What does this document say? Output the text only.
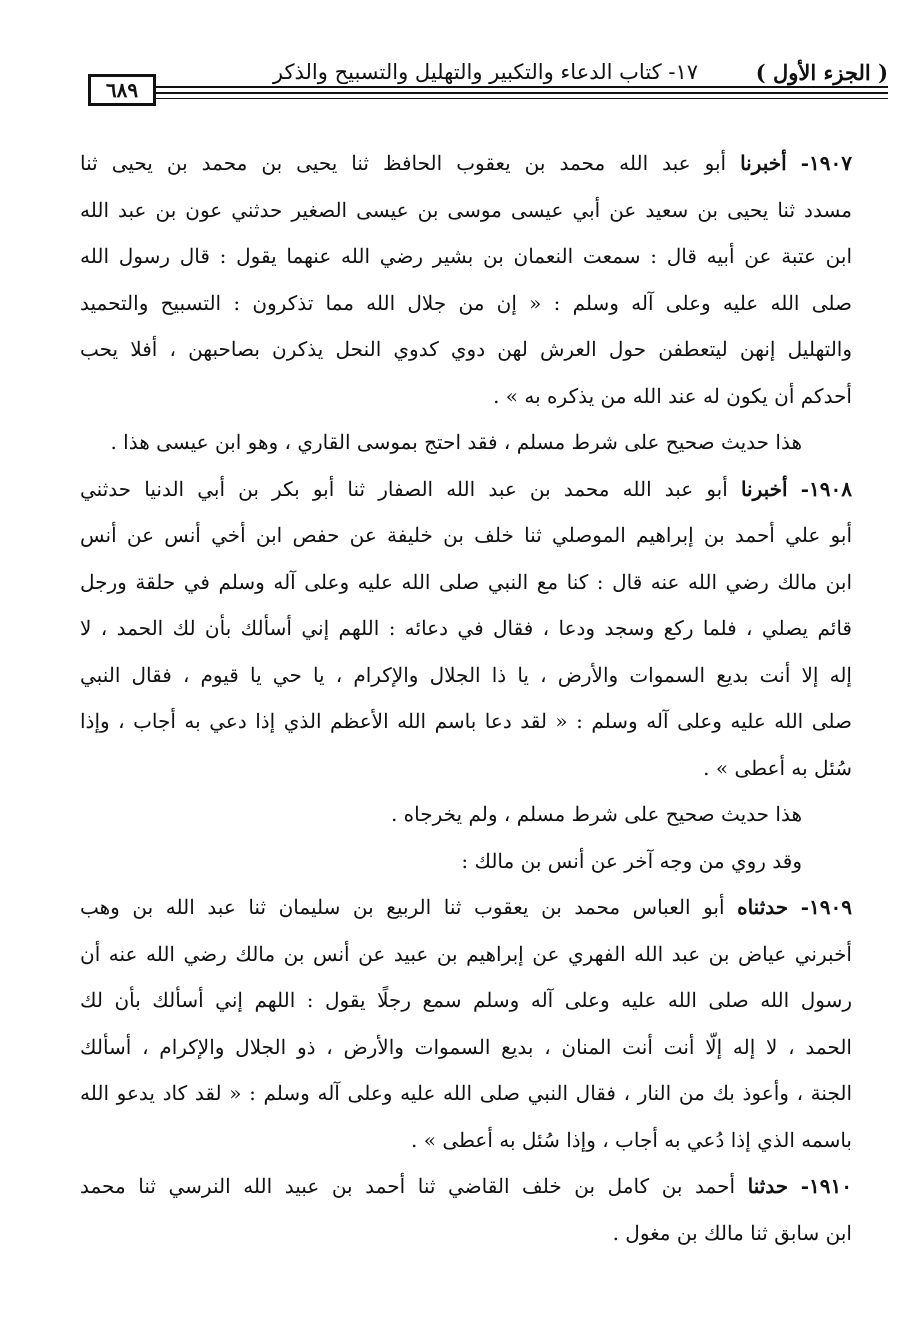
( الجزء الأول )
١٧- كتاب الدعاء والتكبير والتهليل والتسبيح والذكر
٦٨٩

١٩٠٧- أخبرنا أبو عبد الله محمد بن يعقوب الحافظ ثنا يحيى بن محمد بن يحيى ثنا

مسدد ثنا يحيى بن سعيد عن أبي عيسى موسى بن عيسى الصغير حدثني عون بن عبد الله

ابن عتبة عن أبيه قال : سمعت النعمان بن بشير رضي الله عنهما يقول : قال رسول الله

صلى الله عليه وعلى آله وسلم : « إن من جلال الله مما تذكرون : التسبيح والتحميد

والتهليل إنهن ليتعطفن حول العرش لهن دوي كدوي النحل يذكرن بصاحبهن ، أفلا يحب

أحدكم أن يكون له عند الله من يذكره به » .

هذا حديث صحيح على شرط مسلم ، فقد احتج بموسى القاري ، وهو ابن عيسى هذا .

١٩٠٨- أخبرنا أبو عبد الله محمد بن عبد الله الصفار ثنا أبو بكر بن أبي الدنيا حدثني

أبو علي أحمد بن إبراهيم الموصلي ثنا خلف بن خليفة عن حفص ابن أخي أنس عن أنس

ابن مالك رضي الله عنه قال : كنا مع النبي صلى الله عليه وعلى آله وسلم في حلقة ورجل

قائم يصلي ، فلما ركع وسجد ودعا ، فقال في دعائه : اللهم إني أسألك بأن لك الحمد ، لا

إله إلا أنت بديع السموات والأرض ، يا ذا الجلال والإكرام ، يا حي يا قيوم ، فقال النبي

صلى الله عليه وعلى آله وسلم : « لقد دعا باسم الله الأعظم الذي إذا دعي به أجاب ، وإذا

سُئل به أعطى » .

هذا حديث صحيح على شرط مسلم ، ولم يخرجاه .

وقد روي من وجه آخر عن أنس بن مالك :

١٩٠٩- حدثناه أبو العباس محمد بن يعقوب ثنا الربيع بن سليمان ثنا عبد الله بن وهب

أخبرني عياض بن عبد الله الفهري عن إبراهيم بن عبيد عن أنس بن مالك رضي الله عنه أن

رسول الله صلى الله عليه وعلى آله وسلم سمع رجلًا يقول : اللهم إني أسألك بأن لك

الحمد ، لا إله إلّا أنت أنت المنان ، بديع السموات والأرض ، ذو الجلال والإكرام ، أسألك

الجنة ، وأعوذ بك من النار ، فقال النبي صلى الله عليه وعلى آله وسلم : « لقد كاد يدعو الله

باسمه الذي إذا دُعي به أجاب ، وإذا سُئل به أعطى » .

١٩١٠- حدثنا أحمد بن كامل بن خلف القاضي ثنا أحمد بن عبيد الله النرسي ثنا محمد

ابن سابق ثنا مالك بن مغول .
